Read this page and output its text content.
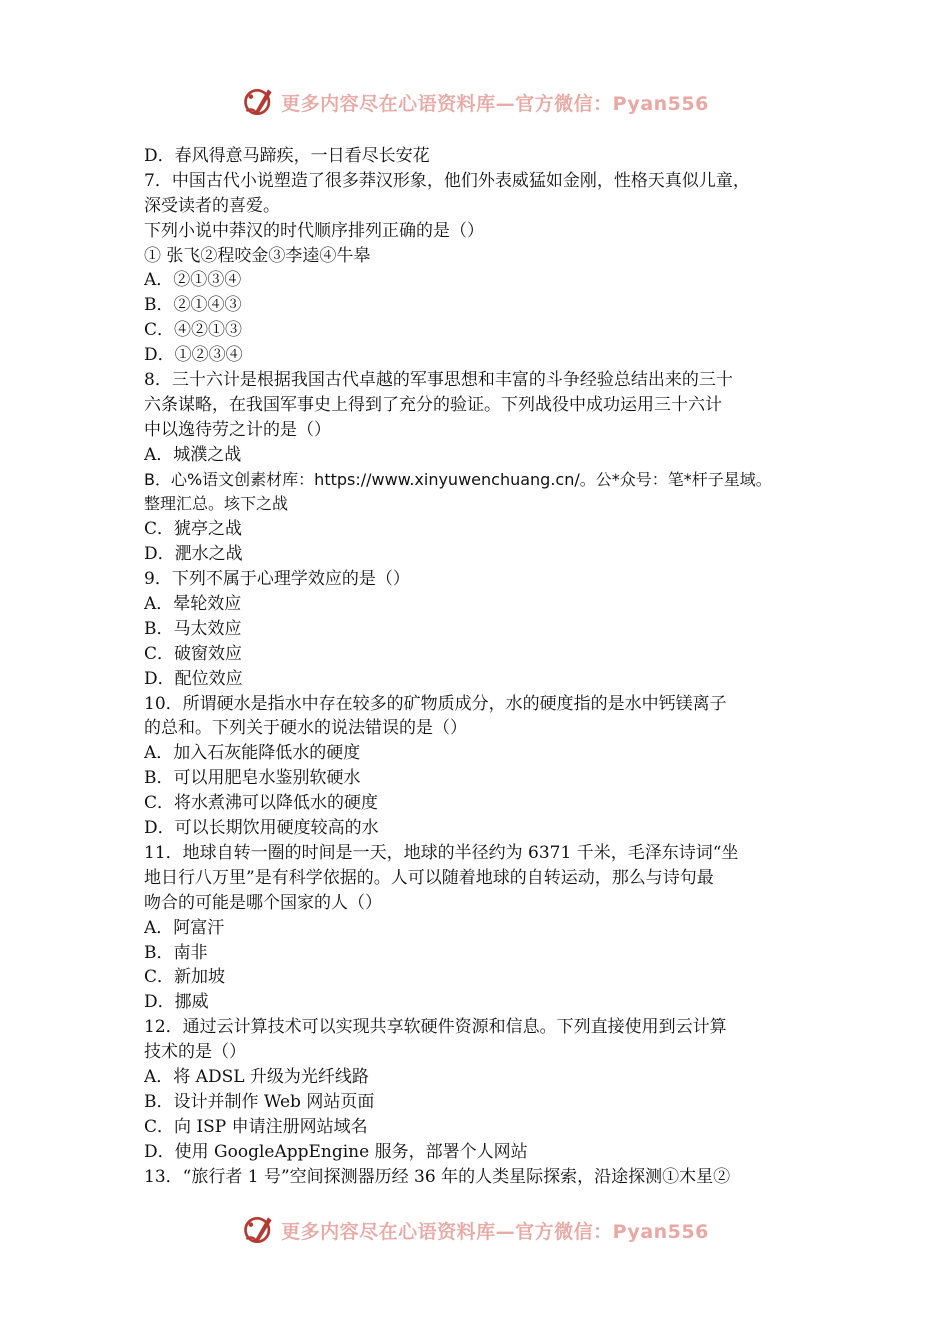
更多内容尽在心语资料库—官方微信：Pyan556
D．春风得意马蹄疾，一日看尽长安花
7．中国古代小说塑造了很多莽汉形象，他们外表威猛如金刚，性格天真似儿童，
深受读者的喜爱。
下列小说中莽汉的时代顺序排列正确的是（）
① 张飞②程咬金③李逵④牛皋
A．②①③④
B．②①④③
C．④②①③
D．①②③④
8．三十六计是根据我国古代卓越的军事思想和丰富的斗争经验总结出来的三十
六条谋略，在我国军事史上得到了充分的验证。下列战役中成功运用三十六计
中以逸待劳之计的是（）
A．城濮之战
B．心%语文创素材库：https://www.xinyuwenchuang.cn/。公*众号：笔*杆子星域。
整理汇总。垓下之战
C．猇亭之战
D．淝水之战
9．下列不属于心理学效应的是（）
A．晕轮效应
B．马太效应
C．破窗效应
D．配位效应
10．所谓硬水是指水中存在较多的矿物质成分，水的硬度指的是水中钙镁离子
的总和。下列关于硬水的说法错误的是（）
A．加入石灰能降低水的硬度
B．可以用肥皂水鉴别软硬水
C．将水煮沸可以降低水的硬度
D．可以长期饮用硬度较高的水
11．地球自转一圈的时间是一天，地球的半径约为 6371 千米，毛泽东诗词“坐
地日行八万里”是有科学依据的。人可以随着地球的自转运动，那么与诗句最
吻合的可能是哪个国家的人（）
A．阿富汗
B．南非
C．新加坡
D．挪威
12．通过云计算技术可以实现共享软硬件资源和信息。下列直接使用到云计算
技术的是（）
A．将 ADSL 升级为光纤线路
B．设计并制作 Web 网站页面
C．向 ISP 申请注册网站域名
D．使用 GoogleAppEngine 服务，部署个人网站
13．“旅行者 1 号”空间探测器历经 36 年的人类星际探索，沿途探测①木星②
更多内容尽在心语资料库—官方微信：Pyan556
